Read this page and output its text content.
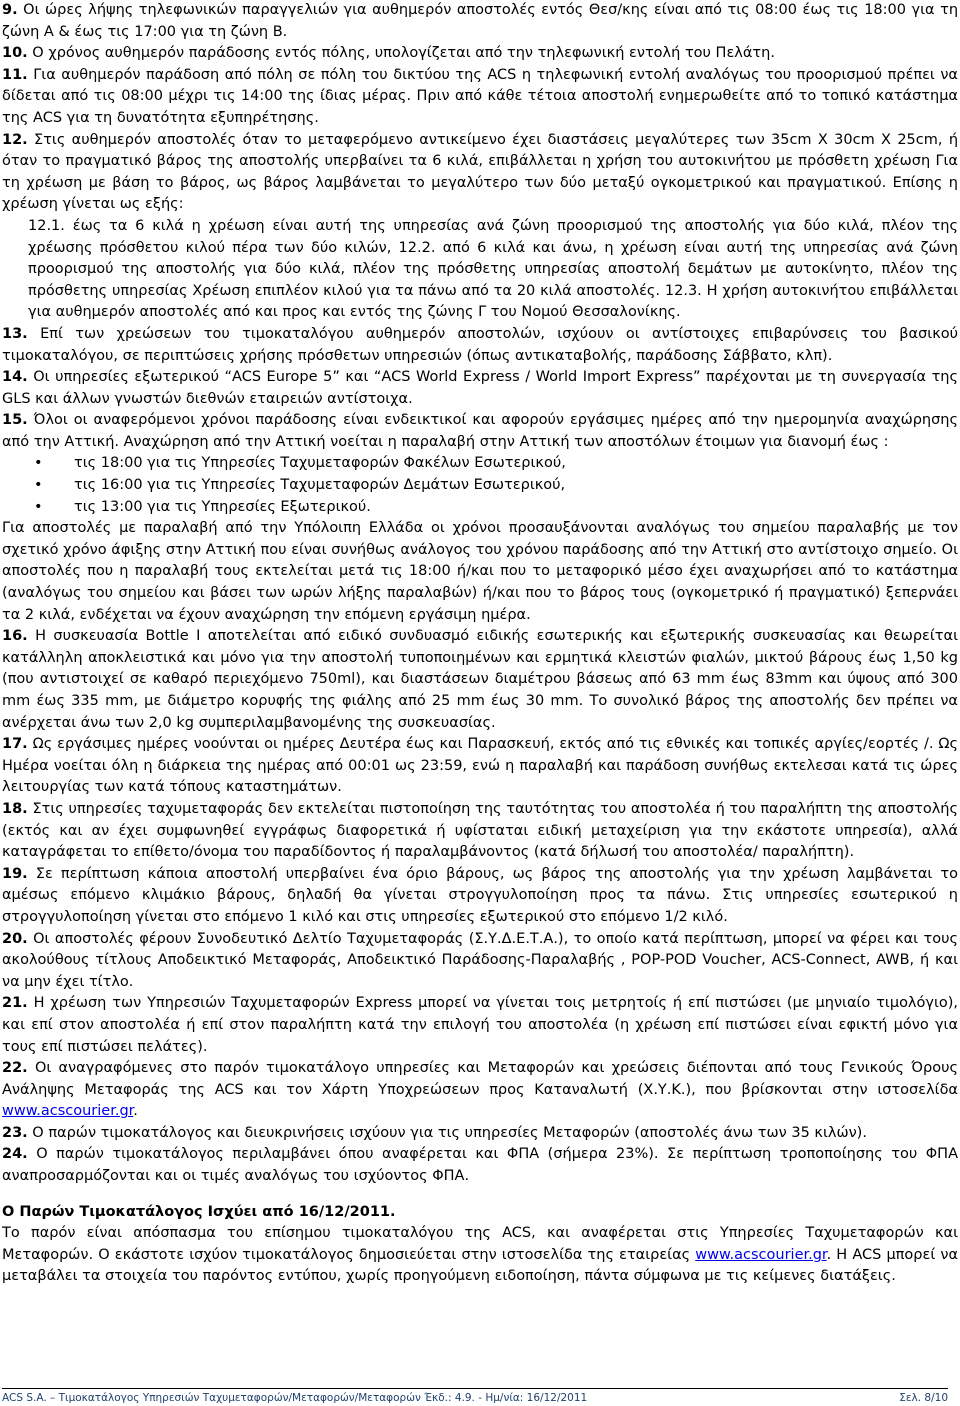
9. Οι ώρες λήψης τηλεφωνικών παραγγελιών για αυθημερόν αποστολές εντός Θεσ/κης είναι από τις 08:00 έως τις 18:00 για τη ζώνη Α & έως τις 17:00 για τη ζώνη Β.

10. Ο χρόνος αυθημερόν παράδοσης εντός πόλης, υπολογίζεται από την τηλεφωνική εντολή του Πελάτη.

11. Για αυθημερόν παράδοση από πόλη σε πόλη του δικτύου της ACS η τηλεφωνική εντολή αναλόγως του προορισμού πρέπει να δίδεται από τις 08:00 μέχρι τις 14:00 της ίδιας μέρας. Πριν από κάθε τέτοια αποστολή ενημερωθείτε από το τοπικό κατάστημα της ACS για τη δυνατότητα εξυπηρέτησης.

12. Στις αυθημερόν αποστολές όταν το μεταφερόμενο αντικείμενο έχει διαστάσεις μεγαλύτερες των 35cm Χ 30cm Χ 25cm, ή όταν το πραγματικό βάρος της αποστολής υπερβαίνει τα 6 κιλά, επιβάλλεται η χρήση του αυτοκινήτου με πρόσθετη χρέωση Για τη χρέωση με βάση το βάρος, ως βάρος λαμβάνεται το μεγαλύτερο των δύο μεταξύ ογκομετρικού και πραγματικού. Επίσης η χρέωση γίνεται ως εξής:

12.1. έως τα 6 κιλά η χρέωση είναι αυτή της υπηρεσίας ανά ζώνη προορισμού της αποστολής για δύο κιλά, πλέον της χρέωσης πρόσθετου κιλού πέρα των δύο κιλών, 12.2. από 6 κιλά και άνω, η χρέωση είναι αυτή της υπηρεσίας ανά ζώνη προορισμού της αποστολής για δύο κιλά, πλέον της πρόσθετης υπηρεσίας αποστολή δεμάτων με αυτοκίνητο, πλέον της πρόσθετης υπηρεσίας Χρέωση επιπλέον κιλού για τα πάνω από τα 20 κιλά αποστολές. 12.3. Η χρήση αυτοκινήτου επιβάλλεται για αυθημερόν αποστολές από και προς και εντός της ζώνης Γ του Νομού Θεσσαλονίκης.

13. Επί των χρεώσεων του τιμοκαταλόγου αυθημερόν αποστολών, ισχύουν οι αντίστοιχες επιβαρύνσεις του βασικού τιμοκαταλόγου, σε περιπτώσεις χρήσης πρόσθετων υπηρεσιών (όπως αντικαταβολής, παράδοσης Σάββατο, κλπ).

14. Οι υπηρεσίες εξωτερικού “ACS Europe 5” και “ACS World Express / World Import Express” παρέχονται με τη συνεργασία της GLS και άλλων γνωστών διεθνών εταιρειών αντίστοιχα.

15. Όλοι οι αναφερόμενοι χρόνοι παράδοσης είναι ενδεικτικοί και αφορούν εργάσιμες ημέρες από την ημερομηνία αναχώρησης από την Αττική. Αναχώρηση από την Αττική νοείται η παραλαβή στην Αττική των αποστόλων έτοιμων για διανομή έως :

• τις 18:00 για τις Υπηρεσίες Ταχυμεταφορών Φακέλων Εσωτερικού,
• τις 16:00 για τις Υπηρεσίες Ταχυμεταφορών Δεμάτων Εσωτερικού,
• τις 13:00 για τις Υπηρεσίες Εξωτερικού.

Για αποστολές με παραλαβή από την Υπόλοιπη Ελλάδα οι χρόνοι προσαυξάνονται αναλόγως του σημείου παραλαβής με τον σχετικό χρόνο άφιξης στην Αττική που είναι συνήθως ανάλογος του χρόνου παράδοσης από την Αττική στο αντίστοιχο σημείο. Οι αποστολές που η παραλαβή τους εκτελείται μετά τις 18:00 ή/και που το μεταφορικό μέσο έχει αναχωρήσει από το κατάστημα (αναλόγως του σημείου και βάσει των ωρών λήξης παραλαβών) ή/και που το βάρος τους (ογκομετρικό ή πραγματικό) ξεπερνάει τα 2 κιλά, ενδέχεται να έχουν αναχώρηση την επόμενη εργάσιμη ημέρα.

16. Η συσκευασία Bottle I αποτελείται από ειδικό συνδυασμό ειδικής εσωτερικής και εξωτερικής συσκευασίας και θεωρείται κατάλληλη αποκλειστικά και μόνο για την αποστολή τυποποιημένων και ερμητικά κλειστών φιαλών, μικτού βάρους έως 1,50 kg (που αντιστοιχεί σε καθαρό περιεχόμενο 750ml), και διαστάσεων διαμέτρου βάσεως από 63 mm έως 83mm και ύψους από 300 mm έως 335 mm, με διάμετρο κορυφής της φιάλης από 25 mm έως 30 mm. Το συνολικό βάρος της αποστολής δεν πρέπει να ανέρχεται άνω των 2,0 kg συμπεριλαμβανομένης της συσκευασίας.

17. Ως εργάσιμες ημέρες νοούνται οι ημέρες Δευτέρα έως και Παρασκευή, εκτός από τις εθνικές και τοπικές αργίες/εορτές /. Ως Ημέρα νοείται όλη η διάρκεια της ημέρας από 00:01 ως 23:59, ενώ η παραλαβή και παράδοση συνήθως εκτελεσαι κατά τις ώρες λειτουργίας των κατά τόπους καταστημάτων.

18. Στις υπηρεσίες ταχυμεταφοράς δεν εκτελείται πιστοποίηση της ταυτότητας του αποστολέα ή του παραλήπτη της αποστολής (εκτός και αν έχει συμφωνηθεί εγγράφως διαφορετικά ή υφίσταται ειδική μεταχείριση για την εκάστοτε υπηρεσία), αλλά καταγράφεται το επίθετο/όνομα του παραδίδοντος ή παραλαμβάνοντος (κατά δήλωσή του αποστολέα/ παραλήπτη).

19. Σε περίπτωση κάποια αποστολή υπερβαίνει ένα όριο βάρους, ως βάρος της αποστολής για την χρέωση λαμβάνεται το αμέσως επόμενο κλιμάκιο βάρους, δηλαδή θα γίνεται στρογγυλοποίηση προς τα πάνω. Στις υπηρεσίες εσωτερικού η στρογγυλοποίηση γίνεται στο επόμενο 1 κιλό και στις υπηρεσίες εξωτερικού στο επόμενο 1/2 κιλό.

20. Οι αποστολές φέρουν Συνοδευτικό Δελτίο Ταχυμεταφοράς (Σ.Υ.Δ.Ε.Τ.Α.), το οποίο κατά περίπτωση, μπορεί να φέρει και τους ακολούθους τίτλους Αποδεικτικό Μεταφοράς, Αποδεικτικό Παράδοσης-Παραλαβής , POP-POD Voucher, ACS-Connect, AWB, ή και να μην έχει τίτλο.

21. Η χρέωση των Υπηρεσιών Ταχυμεταφορών Express μπορεί να γίνεται τοις μετρητοίς ή επί πιστώσει (με μηνιαίο τιμολόγιο), και επί στον αποστολέα ή επί στον παραλήπτη κατά την επιλογή του αποστολέα (η χρέωση επί πιστώσει είναι εφικτή μόνο για τους επί πιστώσει πελάτες).

22. Οι αναγραφόμενες στο παρόν τιμοκατάλογο υπηρεσίες και Μεταφορών και χρεώσεις διέπονται από τους Γενικούς Όρους Ανάληψης Μεταφοράς της ACS και τον Χάρτη Υποχρεώσεων προς Καταναλωτή (Χ.Υ.Κ.), που βρίσκονται στην ιστοσελίδα www.acscourier.gr.

23. Ο παρών τιμοκατάλογος και διευκρινήσεις ισχύουν για τις υπηρεσίες Μεταφορών (αποστολές άνω των 35 κιλών).

24. Ο παρών τιμοκατάλογος περιλαμβάνει όπου αναφέρεται και ΦΠΑ (σήμερα 23%). Σε περίπτωση τροποποίησης του ΦΠΑ αναπροσαρμόζονται και οι τιμές αναλόγως του ισχύοντος ΦΠΑ.

Ο Παρών Τιμοκατάλογος Ισχύει από 16/12/2011.

Το παρόν είναι απόσπασμα του επίσημου τιμοκαταλόγου της ACS, και αναφέρεται στις Υπηρεσίες Ταχυμεταφορών και Μεταφορών. Ο εκάστοτε ισχύον τιμοκατάλογος δημοσιεύεται στην ιστοσελίδα της εταιρείας www.acscourier.gr. Η ACS μπορεί να μεταβάλει τα στοιχεία του παρόντος εντύπου, χωρίς προηγούμενη ειδοποίηση, πάντα σύμφωνα με τις κείμενες διατάξεις.

ACS S.A. – Τιμοκατάλογος Υπηρεσιών Ταχυμεταφορών/Μεταφορών/Μεταφορών Έκδ.: 4.9. - Ημ/νία: 16/12/2011	Σελ. 8/10
